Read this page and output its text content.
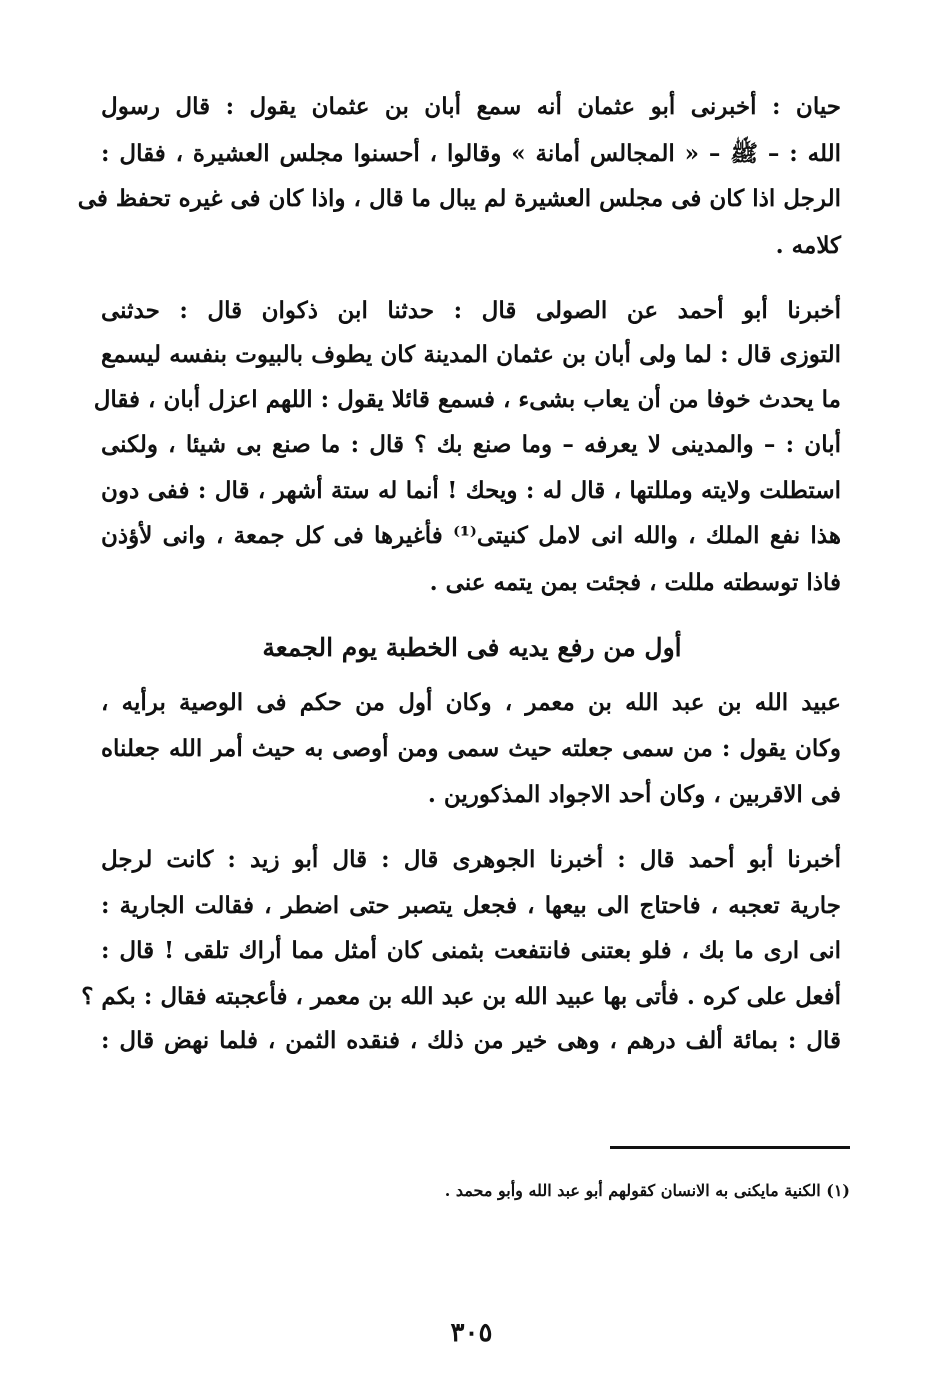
حيان : أخبرنى أبو عثمان أنه سمع أبان بن عثمان يقول : قال رسول
الله : – ﷺ – « المجالس أمانة » وقالوا ، أحسنوا مجلس العشيرة ، فقال :
الرجل اذا كان فى مجلس العشيرة لم يبال ما قال ، واذا كان فى غيره تحفظ فى
كلامه .
أخبرنا أبو أحمد عن الصولى قال : حدثنا ابن ذكوان قال : حدثنى
التوزى قال : لما ولى أبان بن عثمان المدينة كان يطوف بالبيوت بنفسه ليسمع
ما يحدث خوفا من أن يعاب بشىء ، فسمع قائلا يقول : اللهم اعزل أبان ، فقال
أبان : – والمدينى لا يعرفه – وما صنع بك ؟ قال : ما صنع بى شيئا ، ولكنى
استطلت ولايته ومللتها ، قال له : ويحك ! أنما له ستة أشهر ، قال : ففى دون
هذا نفع الملك ، والله انى لامل كنيتى⁽¹⁾ فأغيرها فى كل جمعة ، وانى لأؤذن
فاذا توسطته مللت ، فجئت بمن يتمه عنى .
أول من رفع يديه فى الخطبة يوم الجمعة
عبيد الله بن عبد الله بن معمر ، وكان أول من حكم فى الوصية برأيه ،
وكان يقول : من سمى جعلته حيث سمى ومن أوصى به حيث أمر الله جعلناه
فى الاقربين ، وكان أحد الاجواد المذكورين .
أخبرنا أبو أحمد قال : أخبرنا الجوهرى قال : قال أبو زيد : كانت لرجل
جارية تعجبه ، فاحتاج الى بيعها ، فجعل يتصبر حتى اضطر ، فقالت الجارية :
انى ارى ما بك ، فلو بعتنى فانتفعت بثمنى كان أمثل مما أراك تلقى ! قال :
أفعل على كره . فأتى بها عبيد الله بن عبد الله بن معمر ، فأعجبته فقال : بكم ؟
قال : بمائة ألف درهم ، وهى خير من ذلك ، فنقده الثمن ، فلما نهض قال :
(١) الكنية مايكنى به الانسان كقولهم أبو عبد الله وأبو محمد .
٣٠٥
